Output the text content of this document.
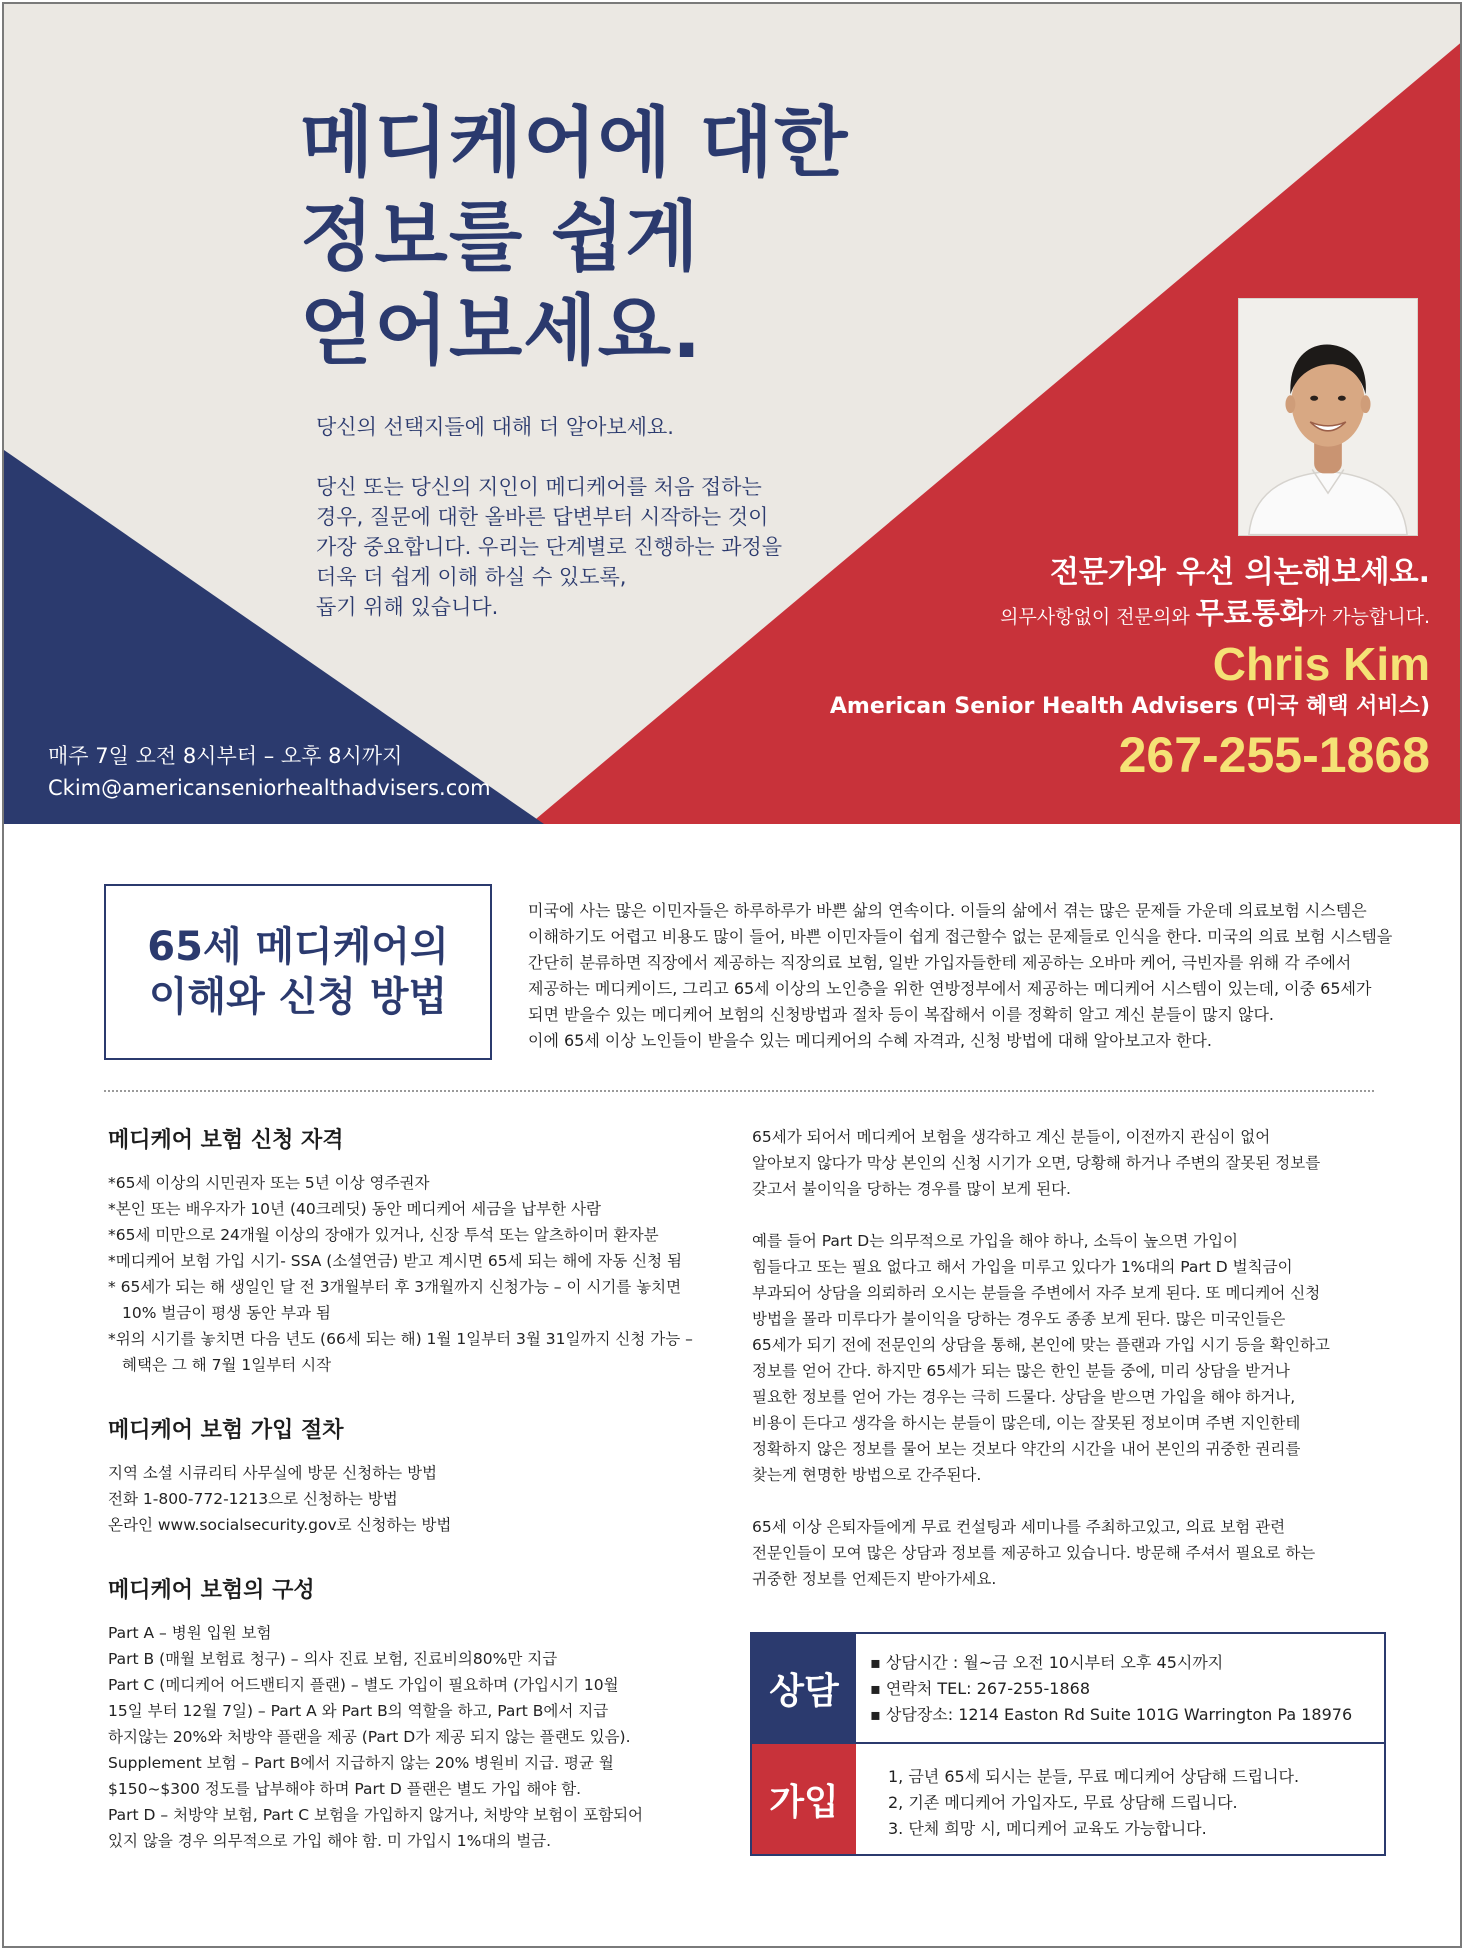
메디케어에 대한
정보를 쉽게
얻어보세요.
당신의 선택지들에 대해 더 알아보세요.
당신 또는 당신의 지인이 메디케어를 처음 접하는
경우, 질문에 대한 올바른 답변부터 시작하는 것이
가장 중요합니다. 우리는 단계별로 진행하는 과정을
더욱 더 쉽게 이해 하실 수 있도록,
돕기 위해 있습니다.
매주 7일 오전 8시부터 – 오후 8시까지
Ckim@americanseniorhealthadvisers.com
전문가와 우선 의논해보세요.
의무사항없이 전문의와 무료통화가 가능합니다.
Chris Kim
American Senior Health Advisers (미국 혜택 서비스)
267-255-1868
65세 메디케어의
이해와 신청 방법
미국에 사는 많은 이민자들은 하루하루가 바쁜 삶의 연속이다. 이들의 삶에서 겪는 많은 문제들 가운데 의료보험 시스템은
이해하기도 어렵고 비용도 많이 들어, 바쁜 이민자들이 쉽게 접근할수 없는 문제들로 인식을 한다. 미국의 의료 보험 시스템을
간단히 분류하면 직장에서 제공하는 직장의료 보험, 일반 가입자들한테 제공하는 오바마 케어, 극빈자를 위해 각 주에서
제공하는 메디케이드, 그리고 65세 이상의 노인층을 위한 연방정부에서 제공하는 메디케어 시스템이 있는데, 이중 65세가
되면 받을수 있는 메디케어 보험의 신청방법과 절차 등이 복잡해서 이를 정확히 알고 계신 분들이 많지 않다.
이에 65세 이상 노인들이 받을수 있는 메디케어의 수혜 자격과, 신청 방법에 대해 알아보고자 한다.
메디케어 보험 신청 자격
*65세 이상의 시민권자 또는 5년 이상 영주권자
*본인 또는 배우자가 10년 (40크레딧) 동안 메디케어 세금을 납부한 사람
*65세 미만으로 24개월 이상의 장애가 있거나, 신장 투석 또는 알츠하이머 환자분
*메디케어 보험 가입 시기- SSA (소셜연금) 받고 계시면 65세 되는 해에 자동 신청 됨
* 65세가 되는 해 생일인 달 전 3개월부터 후 3개월까지 신청가능 – 이 시기를 놓치면
10% 벌금이 평생 동안 부과 됨
*위의 시기를 놓치면 다음 년도 (66세 되는 해) 1월 1일부터 3월 31일까지 신청 가능 –
혜택은 그 해 7월 1일부터 시작
메디케어 보험 가입 절차
지역 소셜 시큐리티 사무실에 방문 신청하는 방법
전화 1-800-772-1213으로 신청하는 방법
온라인 www.socialsecurity.gov로 신청하는 방법
메디케어 보험의 구성
Part A – 병원 입원 보험
Part B (매월 보험료 청구) – 의사 진료 보험, 진료비의80%만 지급
Part C (메디케어 어드밴티지 플랜) – 별도 가입이 필요하며 (가입시기 10월
15일 부터 12월 7일) – Part A 와 Part B의 역할을 하고, Part B에서 지급
하지않는 20%와 처방약 플랜을 제공 (Part D가 제공 되지 않는 플랜도 있음).
Supplement 보험 – Part B에서 지급하지 않는 20% 병원비 지급. 평균 월
$150~$300 정도를 납부해야 하며 Part D 플랜은 별도 가입 해야 함.
Part D – 처방약 보험, Part C 보험을 가입하지 않거나, 처방약 보험이 포함되어
있지 않을 경우 의무적으로 가입 해야 함. 미 가입시 1%대의 벌금.
65세가 되어서 메디케어 보험을 생각하고 계신 분들이, 이전까지 관심이 없어
알아보지 않다가 막상 본인의 신청 시기가 오면, 당황해 하거나 주변의 잘못된 정보를
갖고서 불이익을 당하는 경우를 많이 보게 된다.
예를 들어 Part D는 의무적으로 가입을 해야 하나, 소득이 높으면 가입이
힘들다고 또는 필요 없다고 해서 가입을 미루고 있다가 1%대의 Part D 벌칙금이
부과되어 상담을 의뢰하러 오시는 분들을 주변에서 자주 보게 된다. 또 메디케어 신청
방법을 몰라 미루다가 불이익을 당하는 경우도 종종 보게 된다. 많은 미국인들은
65세가 되기 전에 전문인의 상담을 통해, 본인에 맞는 플랜과 가입 시기 등을 확인하고
정보를 얻어 간다. 하지만 65세가 되는 많은 한인 분들 중에, 미리 상담을 받거나
필요한 정보를 얻어 가는 경우는 극히 드물다. 상담을 받으면 가입을 해야 하거나,
비용이 든다고 생각을 하시는 분들이 많은데, 이는 잘못된 정보이며 주변 지인한테
정확하지 않은 정보를 물어 보는 것보다 약간의 시간을 내어 본인의 귀중한 권리를
찾는게 현명한 방법으로 간주된다.
65세 이상 은퇴자들에게 무료 컨설팅과 세미나를 주최하고있고, 의료 보험 관련
전문인들이 모여 많은 상담과 정보를 제공하고 있습니다. 방문해 주셔서 필요로 하는
귀중한 정보를 언제든지 받아가세요.
상담
▪ 상담시간 : 월~금 오전 10시부터 오후 45시까지
▪ 연락처 TEL: 267-255-1868
▪ 상담장소: 1214 Easton Rd Suite 101G Warrington Pa 18976
가입
1, 금년 65세 되시는 분들, 무료 메디케어 상담해 드립니다.
2, 기존 메디케어 가입자도, 무료 상담해 드립니다.
3. 단체 희망 시, 메디케어 교육도 가능합니다.
